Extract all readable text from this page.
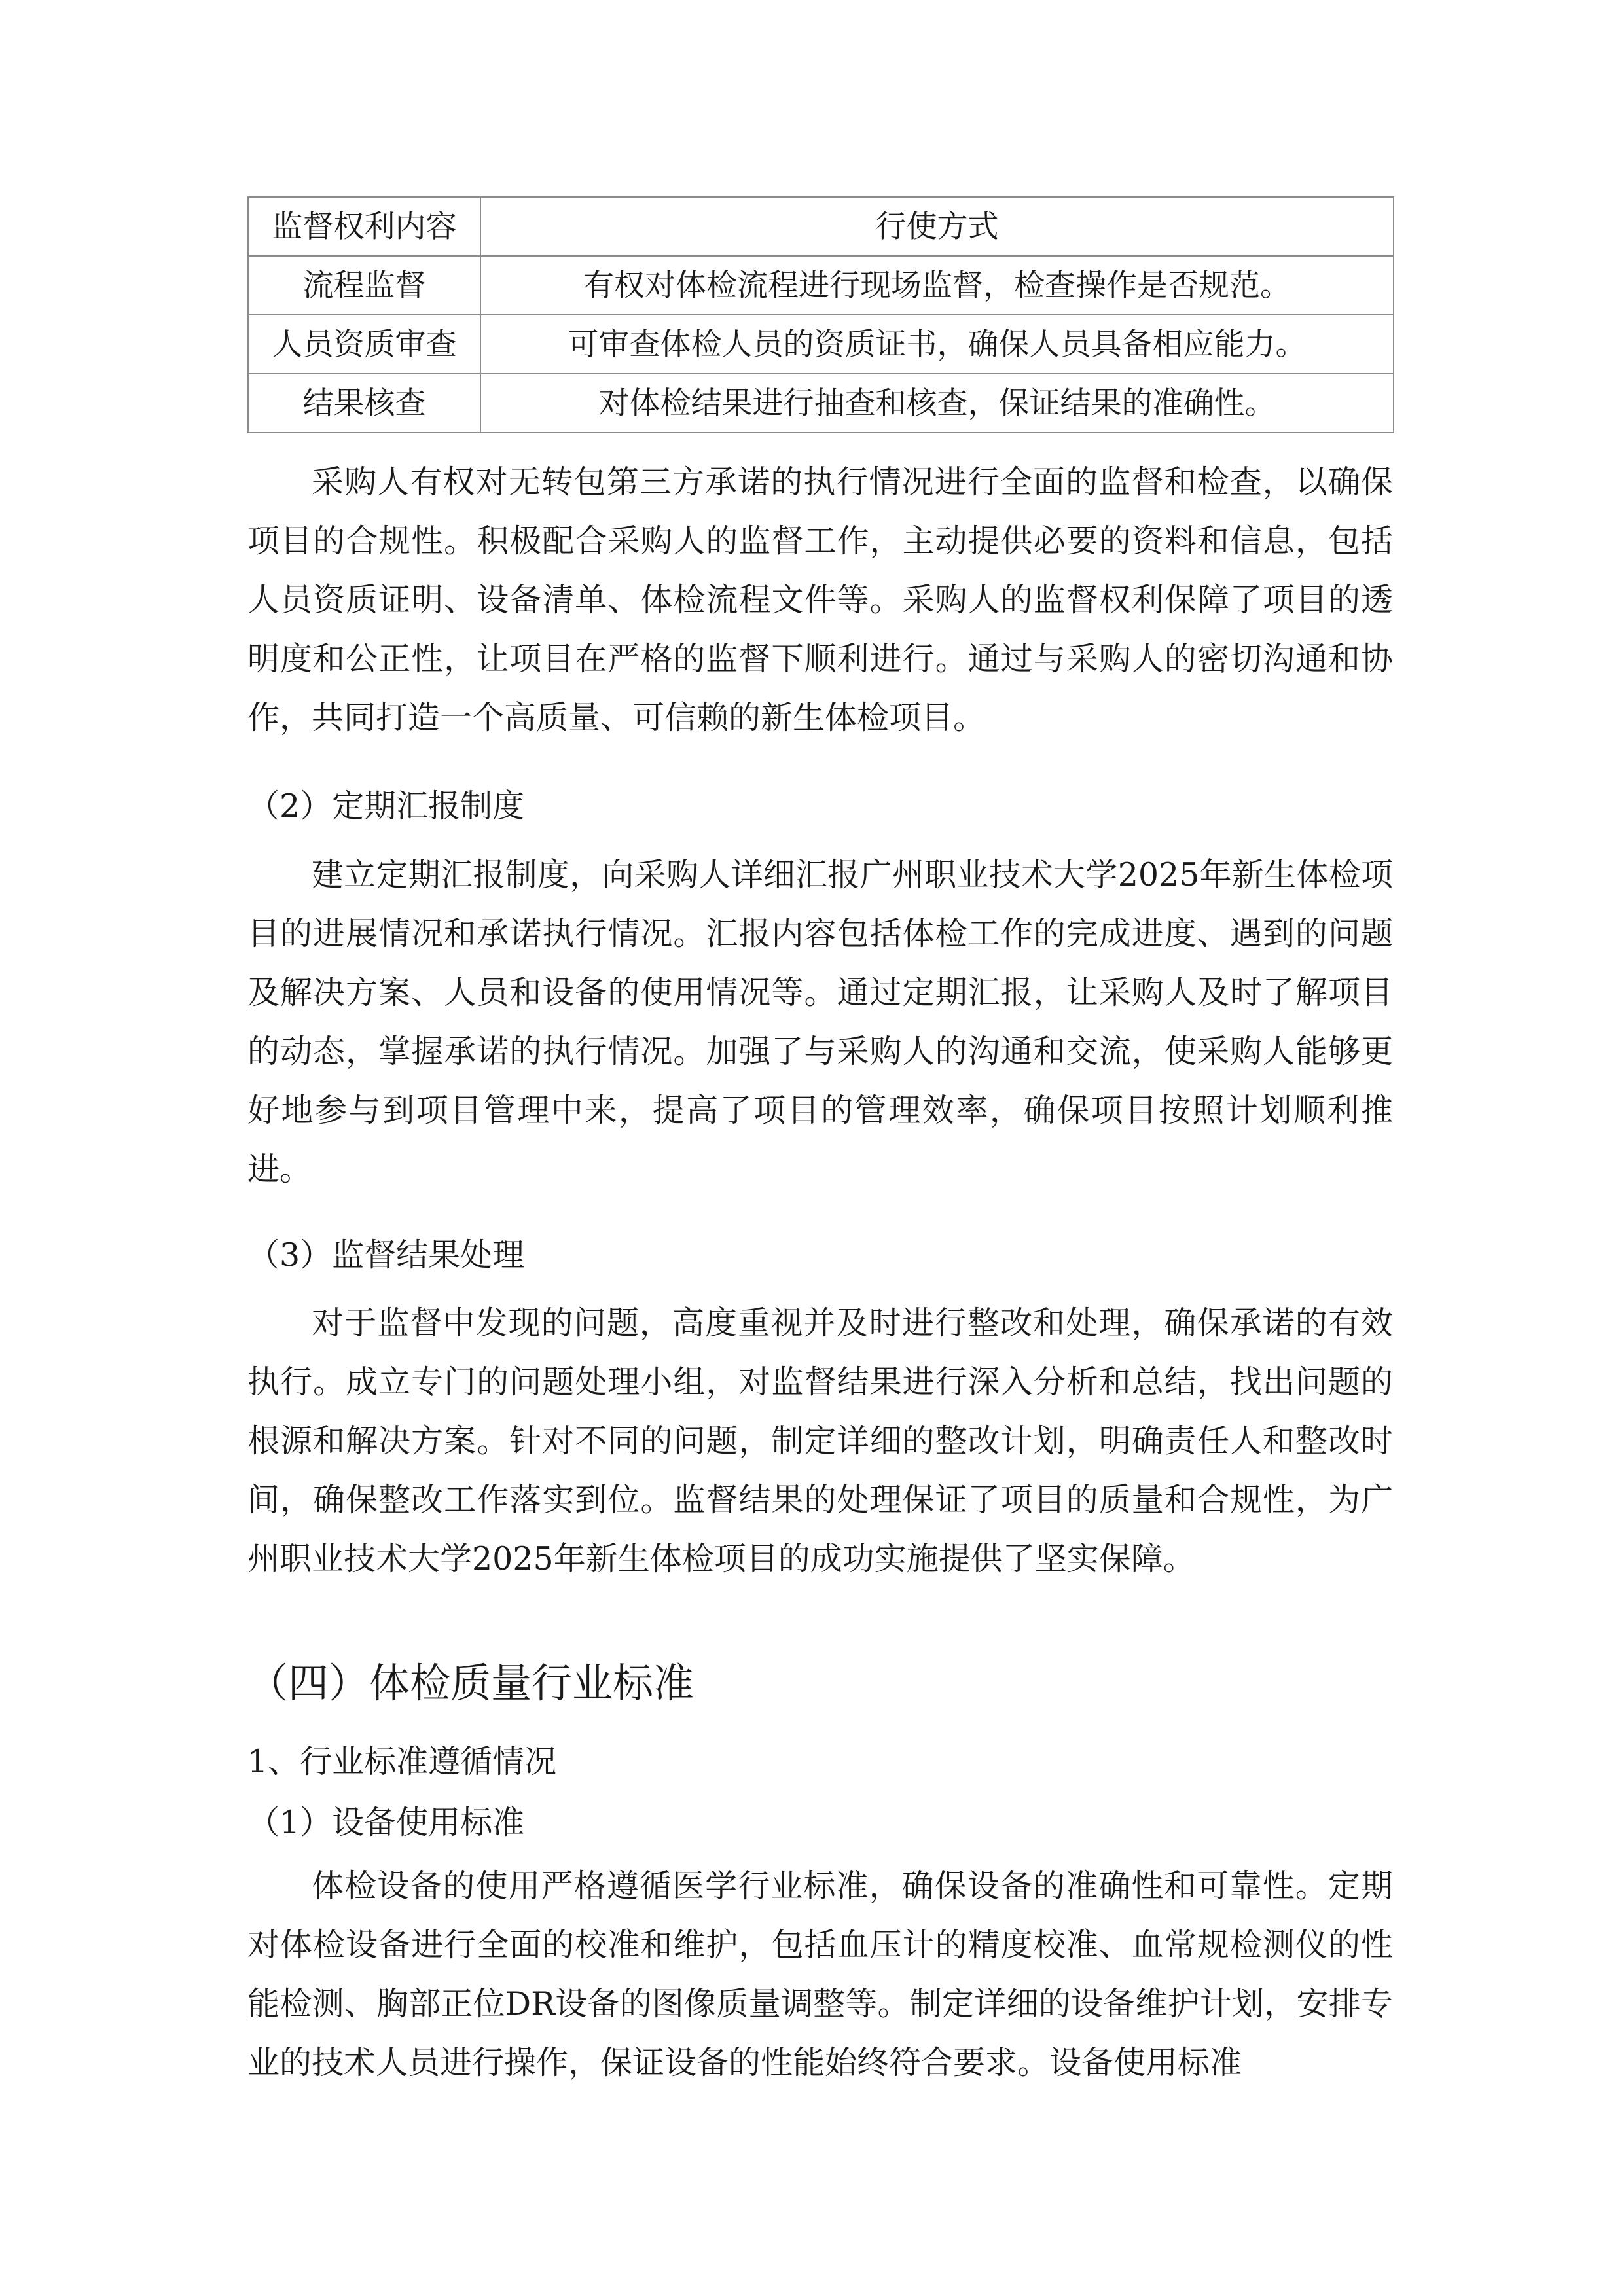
监督权利内容	行使方式
流程监督	有权对体检流程进行现场监督，检查操作是否规范。
人员资质审查	可审查体检人员的资质证书，确保人员具备相应能力。
结果核查	对体检结果进行抽查和核查，保证结果的准确性。

采购人有权对无转包第三方承诺的执行情况进行全面的监督和检查，以确保项目的合规性。积极配合采购人的监督工作，主动提供必要的资料和信息，包括人员资质证明、设备清单、体检流程文件等。采购人的监督权利保障了项目的透明度和公正性，让项目在严格的监督下顺利进行。通过与采购人的密切沟通和协作，共同打造一个高质量、可信赖的新生体检项目。

（2）定期汇报制度

建立定期汇报制度，向采购人详细汇报广州职业技术大学2025年新生体检项目的进展情况和承诺执行情况。汇报内容包括体检工作的完成进度、遇到的问题及解决方案、人员和设备的使用情况等。通过定期汇报，让采购人及时了解项目的动态，掌握承诺的执行情况。加强了与采购人的沟通和交流，使采购人能够更好地参与到项目管理中来，提高了项目的管理效率，确保项目按照计划顺利推进。

（3）监督结果处理

对于监督中发现的问题，高度重视并及时进行整改和处理，确保承诺的有效执行。成立专门的问题处理小组，对监督结果进行深入分析和总结，找出问题的根源和解决方案。针对不同的问题，制定详细的整改计划，明确责任人和整改时间，确保整改工作落实到位。监督结果的处理保证了项目的质量和合规性，为广州职业技术大学2025年新生体检项目的成功实施提供了坚实保障。

（四）体检质量行业标准

1、行业标准遵循情况

（1）设备使用标准

体检设备的使用严格遵循医学行业标准，确保设备的准确性和可靠性。定期对体检设备进行全面的校准和维护，包括血压计的精度校准、血常规检测仪的性能检测、胸部正位DR设备的图像质量调整等。制定详细的设备维护计划，安排专业的技术人员进行操作，保证设备的性能始终符合要求。设备使用标准
